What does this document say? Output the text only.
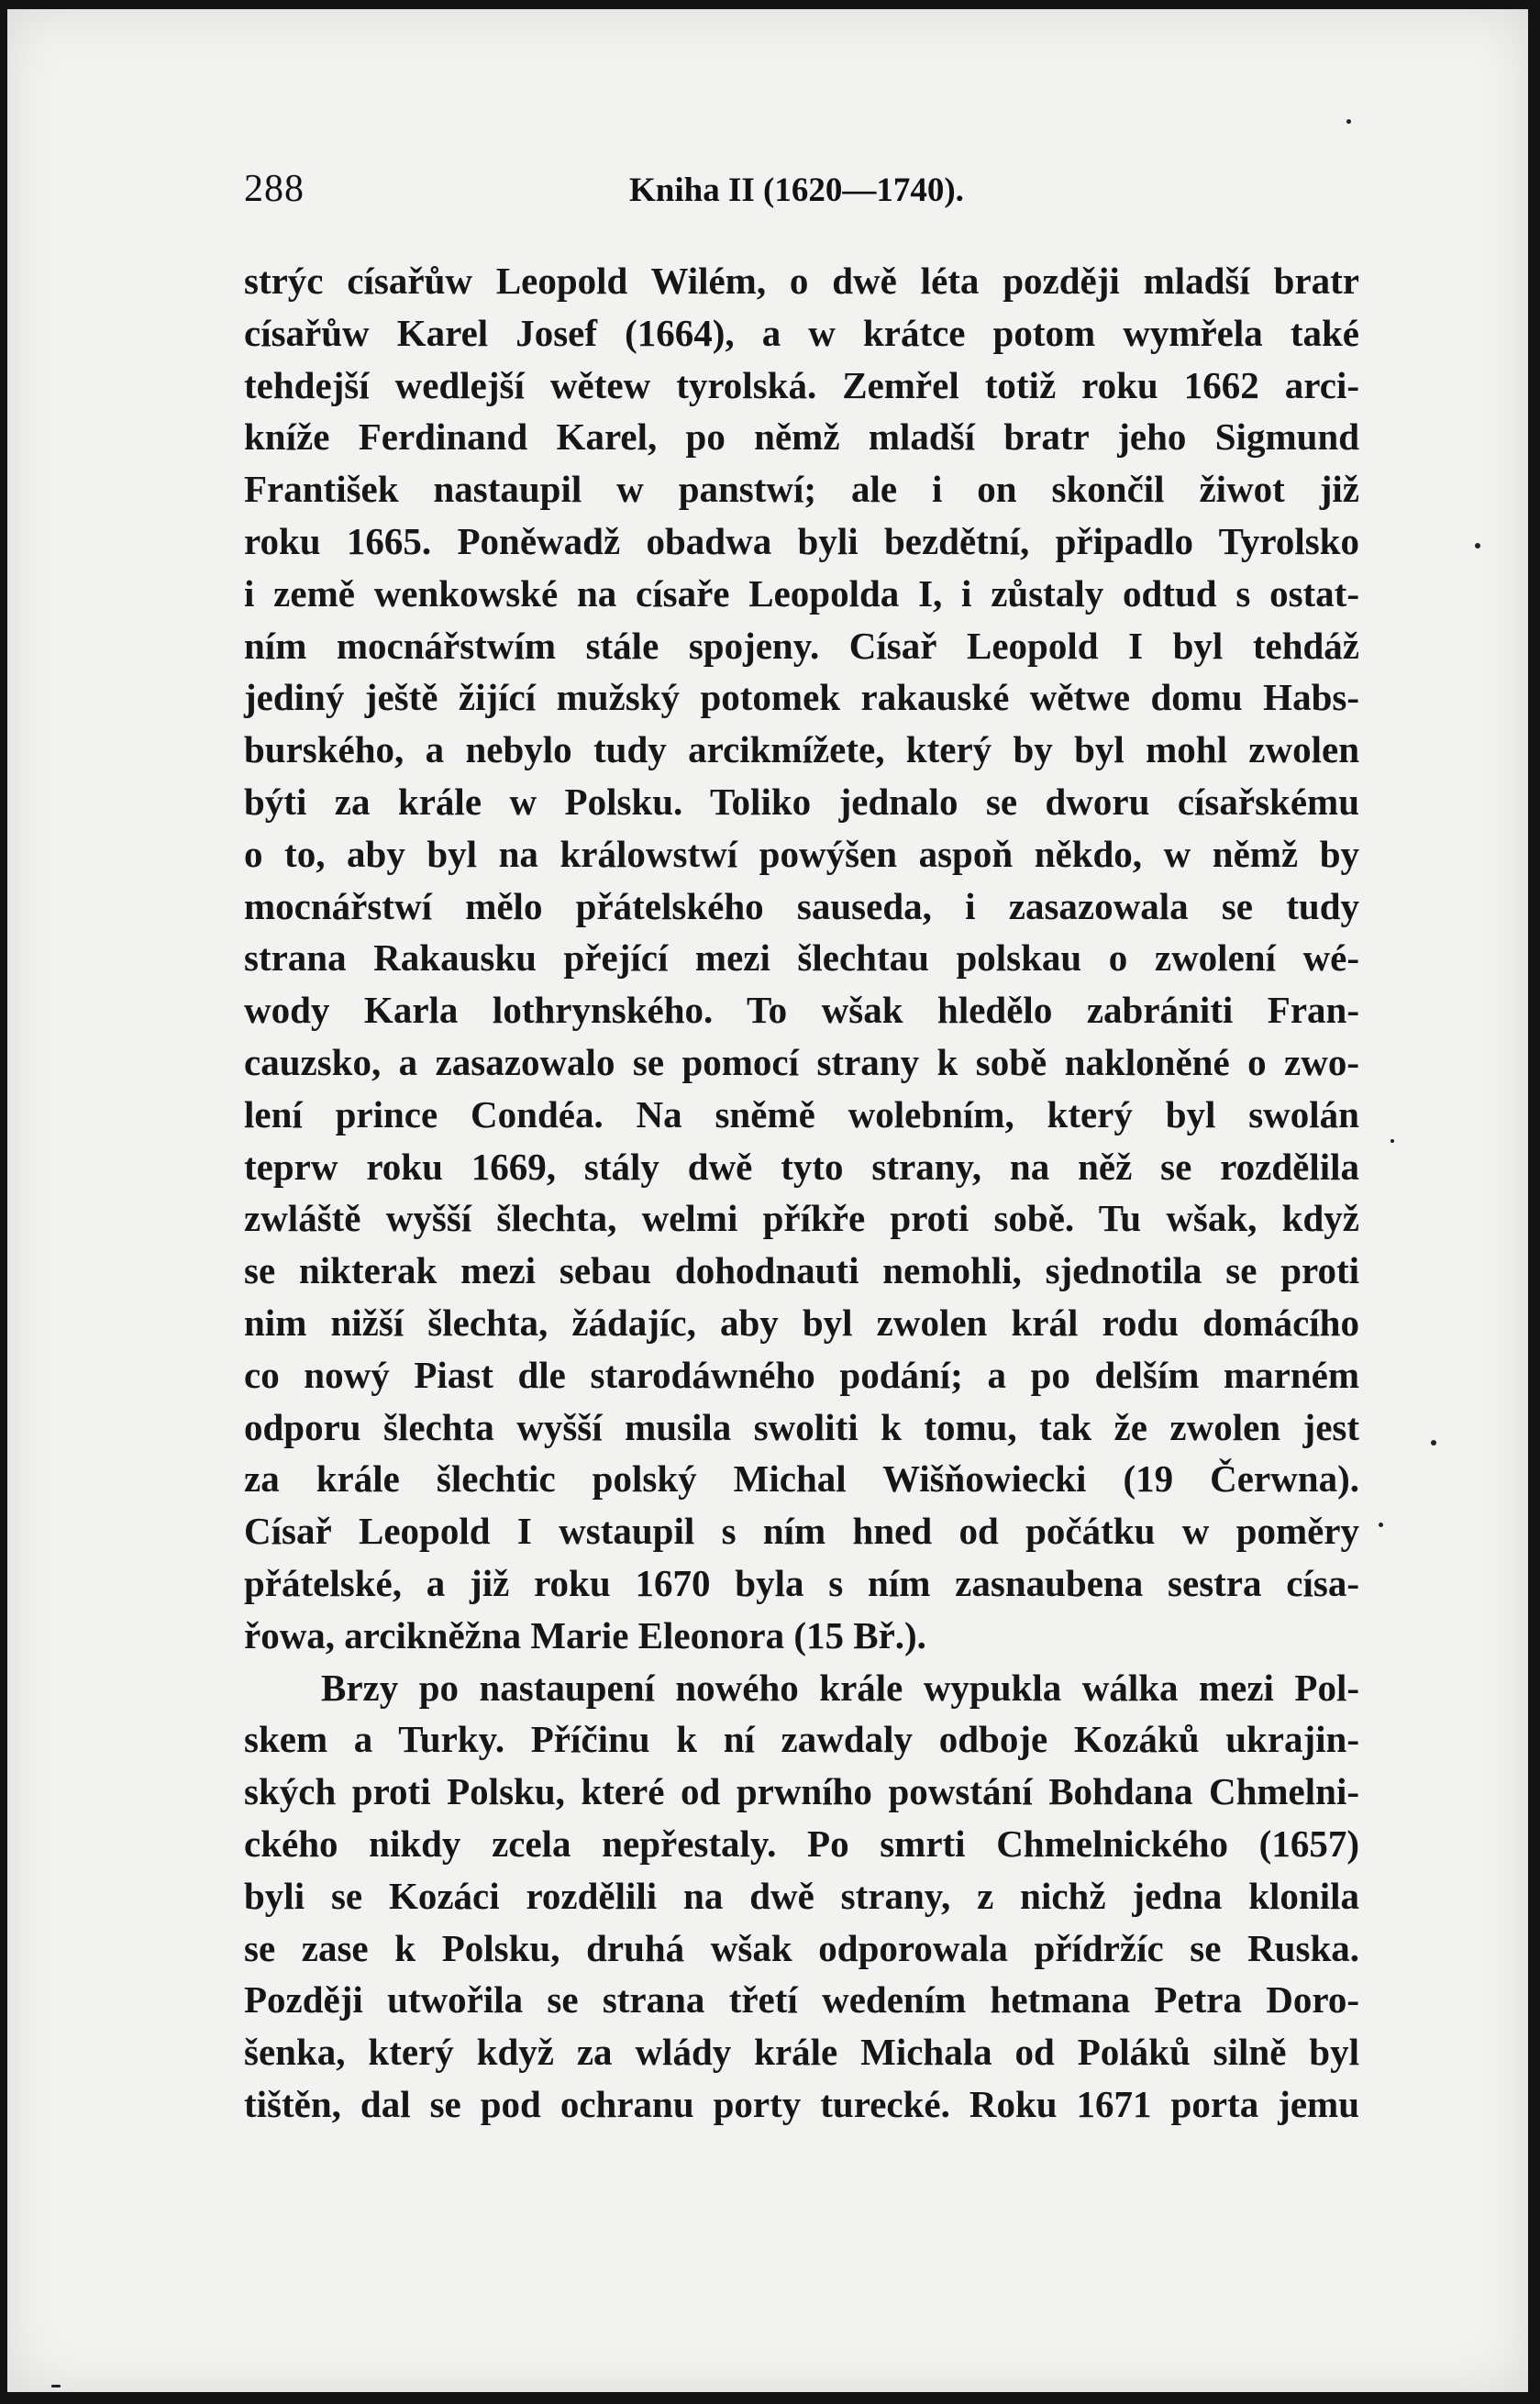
288	Kniha II (1620—1740).
strýc císařůw Leopold Wilém, o dwě léta později mladší bratr
císařůw Karel Josef (1664), a w krátce potom wymřela také
tehdejší wedlejší wětew tyrolská. Zemřel totiž roku 1662 arci-
kníže Ferdinand Karel, po němž mladší bratr jeho Sigmund
František nastaupil w panstwí; ale i on skončil žiwot již
roku 1665. Poněwadž obadwa byli bezdětní, připadlo Tyrolsko
i země wenkowské na císaře Leopolda I, i zůstaly odtud s ostat-
ním mocnářstwím stále spojeny. Císař Leopold I byl tehdáž
jediný ještě žijící mužský potomek rakauské wětwe domu Habs-
burského, a nebylo tudy arcikmížete, který by byl mohl zwolen
býti za krále w Polsku. Toliko jednalo se dworu císařskému
o to, aby byl na králowstwí powýšen aspoň někdo, w němž by
mocnářstwí mělo přátelského sauseda, i zasazowala se tudy
strana Rakausku přející mezi šlechtau polskau o zwolení wé-
wody Karla lothrynského. To wšak hledělo zabrániti Fran-
cauzsko, a zasazowalo se pomocí strany k sobě nakloněné o zwo-
lení prince Condéa. Na sněmě wolebním, který byl swolán
teprw roku 1669, stály dwě tyto strany, na něž se rozdělila
zwláště wyšší šlechta, welmi příkře proti sobě. Tu wšak, když
se nikterak mezi sebau dohodnauti nemohli, sjednotila se proti
nim nižší šlechta, žádajíc, aby byl zwolen král rodu domácího
co nowý Piast dle starodáwného podání; a po delším marném
odporu šlechta wyšší musila swoliti k tomu, tak že zwolen jest
za krále šlechtic polský Michal Wišňowiecki (19 Čerwna).
Císař Leopold I wstaupil s ním hned od počátku w poměry
přátelské, a již roku 1670 byla s ním zasnaubena sestra císa-
řowa, arcikněžna Marie Eleonora (15 Bř.).
Brzy po nastaupení nowého krále wypukla wálka mezi Pol-
skem a Turky. Příčinu k ní zawdaly odboje Kozáků ukrajin-
ských proti Polsku, které od prwního powstání Bohdana Chmelni-
ckého nikdy zcela nepřestaly. Po smrti Chmelnického (1657)
byli se Kozáci rozdělili na dwě strany, z nichž jedna klonila
se zase k Polsku, druhá wšak odporowala přídržíc se Ruska.
Později utwořila se strana třetí wedením hetmana Petra Doro-
šenka, který když za wlády krále Michala od Poláků silně byl
tištěn, dal se pod ochranu porty turecké. Roku 1671 porta jemu
